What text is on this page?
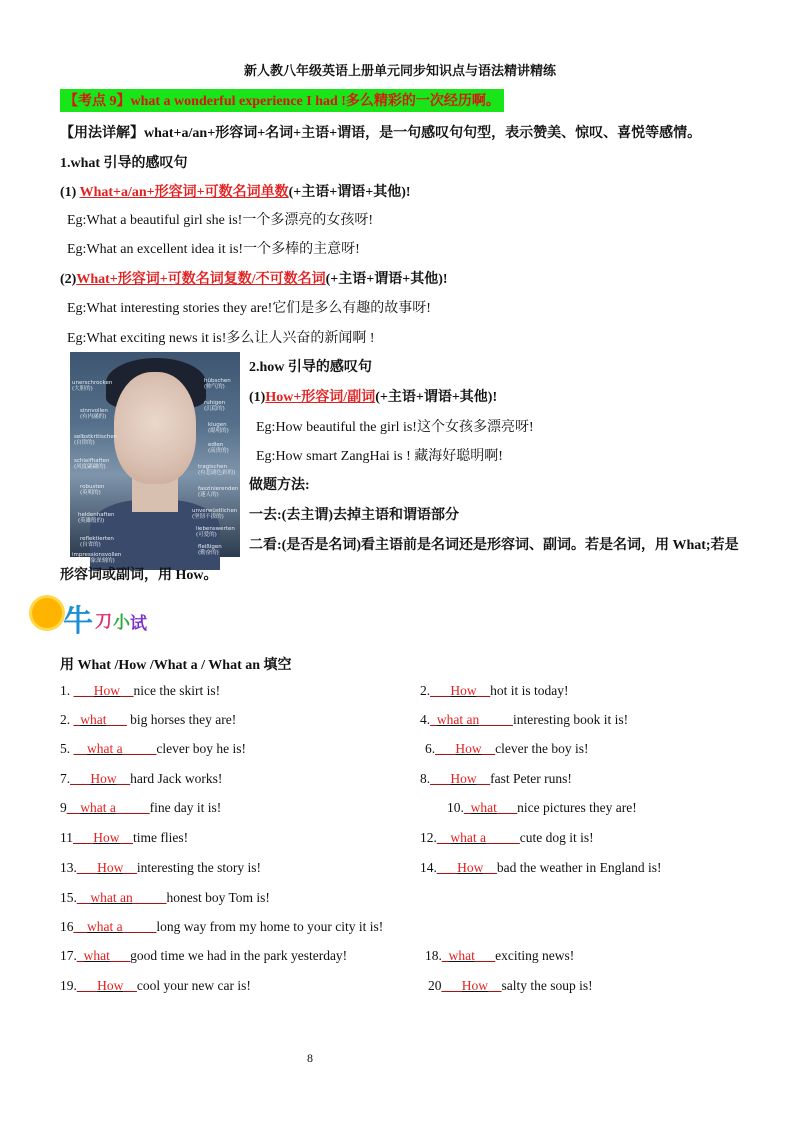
新人教八年级英语上册单元同步知识点与语法精讲精练
【考点 9】what a wonderful experience I had !多么精彩的一次经历啊。
【用法详解】what+a/an+形容词+名词+主语+谓语，是一句感叹句句型，表示赞美、惊叹、喜悦等感情。
1.what 引导的感叹句
(1) What+a/an+形容词+可数名词单数(+主语+谓语+其他)!
Eg:What a beautiful girl she is!一个多漂亮的女孩呀!
Eg:What an excellent idea it is!一个多棒的主意呀!
(2)What+形容词+可数名词复数/不可数名词(+主语+谓语+其他)!
Eg:What interesting stories they are!它们是多么有趣的故事呀!
Eg:What exciting news it is!多么让人兴奋的新闻啊 !
unerschrocken
(大胆的)
sinnvollen
(有内涵的)
selbstkritischen
(自律的)
schleifhaften
(风度翩翩的)
robusten
(英明的)
heldenhaften
(英雄般的)
reflektierten
(自省的)
impressionsvollen
(令人印象深刻的)
hübschen
(帅气的)
ruhigen
(沉稳的)
klugen
(聪明的)
edlen
(高贵的)
tragischen
(有悲剧色彩的)
faszinierenden
(迷人的)
unverwüstlichen
(坚韧不拔的)
liebenswerten
(可爱的)
fleißigen
(勤奋的)
2.how 引导的感叹句
(1)How+形容词/副词(+主语+谓语+其他)!
Eg:How beautiful the girl is!这个女孩多漂亮呀!
Eg:How smart ZangHai is ! 藏海好聪明啊!
做题方法:
一去:(去主谓)去掉主语和谓语部分
二看:(是否是名词)看主语前是名词还是形容词、副词。若是名词，用 What;若是
形容词或副词，用 How。
牛 刀 小 试
用 What /How /What a / What an 填空
1. ___How__nice the skirt is!	2.___How__hot it is today!
2. _what___ big horses they are!	4._what an_____interesting book it is!
5. __what a_____clever boy he is!	6.___How__clever the boy is!
7.___How__hard Jack works!	8.___How__fast Peter runs!
9__what a_____fine day it is!	10._what___nice pictures they are!
11___How__time flies!	12.__what a_____cute dog it is!
13.___How__interesting the story is!	14.___How__bad the weather in England is!
15.__what an_____honest boy Tom is!
16__what a_____long way from my home to your city it is!
17._what___good time we had in the park yesterday!	18._what___exciting news!
19.___How__cool your new car is!	20___How__salty the soup is!
8
